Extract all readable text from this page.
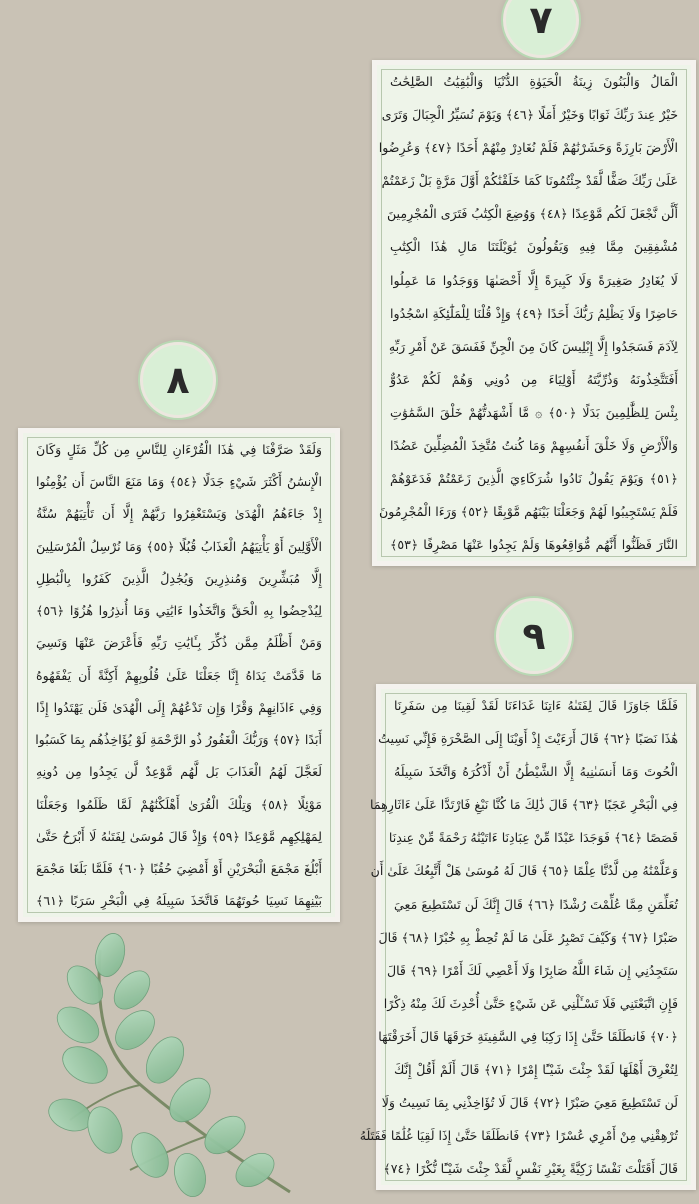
٧
الْمَالُ وَالْبَنُونَ زِينَةُ الْحَيَوٰةِ الدُّنْيَا وَالْبَٰقِيَٰتُ الصَّٰلِحَٰتُ
خَيْرٌ عِندَ رَبِّكَ ثَوَابًا وَخَيْرٌ أَمَلًا ﴿٤٦﴾ وَيَوْمَ نُسَيِّرُ الْجِبَالَ وَتَرَى
الْأَرْضَ بَارِزَةً وَحَشَرْنَٰهُمْ فَلَمْ نُغَادِرْ مِنْهُمْ أَحَدًا ﴿٤٧﴾ وَعُرِضُوا
عَلَىٰ رَبِّكَ صَفًّا لَّقَدْ جِئْتُمُونَا كَمَا خَلَقْنَٰكُمْ أَوَّلَ مَرَّةٍ بَلْ زَعَمْتُمْ
أَلَّن نَّجْعَلَ لَكُم مَّوْعِدًا ﴿٤٨﴾ وَوُضِعَ الْكِتَٰبُ فَتَرَى الْمُجْرِمِينَ
مُشْفِقِينَ مِمَّا فِيهِ وَيَقُولُونَ يَٰوَيْلَتَنَا مَالِ هَٰذَا الْكِتَٰبِ
لَا يُغَادِرُ صَغِيرَةً وَلَا كَبِيرَةً إِلَّا أَحْصَىٰهَا وَوَجَدُوا مَا عَمِلُوا
حَاضِرًا وَلَا يَظْلِمُ رَبُّكَ أَحَدًا ﴿٤٩﴾ وَإِذْ قُلْنَا لِلْمَلَٰٓئِكَةِ اسْجُدُوا
لِآدَمَ فَسَجَدُوا إِلَّا إِبْلِيسَ كَانَ مِنَ الْجِنِّ فَفَسَقَ عَنْ أَمْرِ رَبِّهِ
أَفَتَتَّخِذُونَهُ وَذُرِّيَّتَهُ أَوْلِيَاءَ مِن دُونِي وَهُمْ لَكُمْ عَدُوٌّ
بِئْسَ لِلظَّٰلِمِينَ بَدَلًا ﴿٥٠﴾ ۞ مَّا أَشْهَدتُّهُمْ خَلْقَ السَّمَٰوَٰتِ
وَالْأَرْضِ وَلَا خَلْقَ أَنفُسِهِمْ وَمَا كُنتُ مُتَّخِذَ الْمُضِلِّينَ عَضُدًا
﴿٥١﴾ وَيَوْمَ يَقُولُ نَادُوا شُرَكَاءِيَ الَّذِينَ زَعَمْتُمْ فَدَعَوْهُمْ
فَلَمْ يَسْتَجِيبُوا لَهُمْ وَجَعَلْنَا بَيْنَهُم مَّوْبِقًا ﴿٥٢﴾ وَرَءَا الْمُجْرِمُونَ
النَّارَ فَظَنُّوا أَنَّهُم مُّوَاقِعُوهَا وَلَمْ يَجِدُوا عَنْهَا مَصْرِفًا ﴿٥٣﴾
٨
وَلَقَدْ صَرَّفْنَا فِي هَٰذَا الْقُرْءَانِ لِلنَّاسِ مِن كُلِّ مَثَلٍ وَكَانَ
الْإِنسَٰنُ أَكْثَرَ شَيْءٍ جَدَلًا ﴿٥٤﴾ وَمَا مَنَعَ النَّاسَ أَن يُؤْمِنُوا
إِذْ جَاءَهُمُ الْهُدَىٰ وَيَسْتَغْفِرُوا رَبَّهُمْ إِلَّا أَن تَأْتِيَهُمْ سُنَّةُ
الْأَوَّلِينَ أَوْ يَأْتِيَهُمُ الْعَذَابُ قُبُلًا ﴿٥٥﴾ وَمَا نُرْسِلُ الْمُرْسَلِينَ
إِلَّا مُبَشِّرِينَ وَمُنذِرِينَ وَيُجَٰدِلُ الَّذِينَ كَفَرُوا بِالْبَٰطِلِ
لِيُدْحِضُوا بِهِ الْحَقَّ وَاتَّخَذُوا ءَايَٰتِي وَمَا أُنذِرُوا هُزُوًا ﴿٥٦﴾
وَمَنْ أَظْلَمُ مِمَّن ذُكِّرَ بِـَٔايَٰتِ رَبِّهِ فَأَعْرَضَ عَنْهَا وَنَسِيَ
مَا قَدَّمَتْ يَدَاهُ إِنَّا جَعَلْنَا عَلَىٰ قُلُوبِهِمْ أَكِنَّةً أَن يَفْقَهُوهُ
وَفِي ءَاذَانِهِمْ وَقْرًا وَإِن تَدْعُهُمْ إِلَى الْهُدَىٰ فَلَن يَهْتَدُوا إِذًا
أَبَدًا ﴿٥٧﴾ وَرَبُّكَ الْغَفُورُ ذُو الرَّحْمَةِ لَوْ يُؤَاخِذُهُم بِمَا كَسَبُوا
لَعَجَّلَ لَهُمُ الْعَذَابَ بَل لَّهُم مَّوْعِدٌ لَّن يَجِدُوا مِن دُونِهِ
مَوْئِلًا ﴿٥٨﴾ وَتِلْكَ الْقُرَىٰ أَهْلَكْنَٰهُمْ لَمَّا ظَلَمُوا وَجَعَلْنَا
لِمَهْلِكِهِم مَّوْعِدًا ﴿٥٩﴾ وَإِذْ قَالَ مُوسَىٰ لِفَتَىٰهُ لَا أَبْرَحُ حَتَّىٰ
أَبْلُغَ مَجْمَعَ الْبَحْرَيْنِ أَوْ أَمْضِيَ حُقُبًا ﴿٦٠﴾ فَلَمَّا بَلَغَا مَجْمَعَ
بَيْنِهِمَا نَسِيَا حُوتَهُمَا فَاتَّخَذَ سَبِيلَهُ فِي الْبَحْرِ سَرَبًا ﴿٦١﴾
٩
فَلَمَّا جَاوَزَا قَالَ لِفَتَىٰهُ ءَاتِنَا غَدَاءَنَا لَقَدْ لَقِينَا مِن سَفَرِنَا
هَٰذَا نَصَبًا ﴿٦٢﴾ قَالَ أَرَءَيْتَ إِذْ أَوَيْنَا إِلَى الصَّخْرَةِ فَإِنِّي نَسِيتُ
الْحُوتَ وَمَا أَنسَىٰنِيهُ إِلَّا الشَّيْطَٰنُ أَنْ أَذْكُرَهُ وَاتَّخَذَ سَبِيلَهُ
فِي الْبَحْرِ عَجَبًا ﴿٦٣﴾ قَالَ ذَٰلِكَ مَا كُنَّا نَبْغِ فَارْتَدَّا عَلَىٰ ءَاثَارِهِمَا
قَصَصًا ﴿٦٤﴾ فَوَجَدَا عَبْدًا مِّنْ عِبَادِنَا ءَاتَيْنَٰهُ رَحْمَةً مِّنْ عِندِنَا
وَعَلَّمْنَٰهُ مِن لَّدُنَّا عِلْمًا ﴿٦٥﴾ قَالَ لَهُ مُوسَىٰ هَلْ أَتَّبِعُكَ عَلَىٰ أَن
تُعَلِّمَنِ مِمَّا عُلِّمْتَ رُشْدًا ﴿٦٦﴾ قَالَ إِنَّكَ لَن تَسْتَطِيعَ مَعِيَ
صَبْرًا ﴿٦٧﴾ وَكَيْفَ تَصْبِرُ عَلَىٰ مَا لَمْ تُحِطْ بِهِ خُبْرًا ﴿٦٨﴾ قَالَ
سَتَجِدُنِي إِن شَاءَ اللَّهُ صَابِرًا وَلَا أَعْصِي لَكَ أَمْرًا ﴿٦٩﴾ قَالَ
فَإِنِ اتَّبَعْتَنِي فَلَا تَسْـَٔلْنِي عَن شَيْءٍ حَتَّىٰ أُحْدِثَ لَكَ مِنْهُ ذِكْرًا
﴿٧٠﴾ فَانطَلَقَا حَتَّىٰ إِذَا رَكِبَا فِي السَّفِينَةِ خَرَقَهَا قَالَ أَخَرَقْتَهَا
لِتُغْرِقَ أَهْلَهَا لَقَدْ جِئْتَ شَيْـًٔا إِمْرًا ﴿٧١﴾ قَالَ أَلَمْ أَقُلْ إِنَّكَ
لَن تَسْتَطِيعَ مَعِيَ صَبْرًا ﴿٧٢﴾ قَالَ لَا تُؤَاخِذْنِي بِمَا نَسِيتُ وَلَا
تُرْهِقْنِي مِنْ أَمْرِي عُسْرًا ﴿٧٣﴾ فَانطَلَقَا حَتَّىٰ إِذَا لَقِيَا غُلَٰمًا فَقَتَلَهُ
قَالَ أَقَتَلْتَ نَفْسًا زَكِيَّةً بِغَيْرِ نَفْسٍ لَّقَدْ جِئْتَ شَيْـًٔا نُّكْرًا ﴿٧٤﴾
